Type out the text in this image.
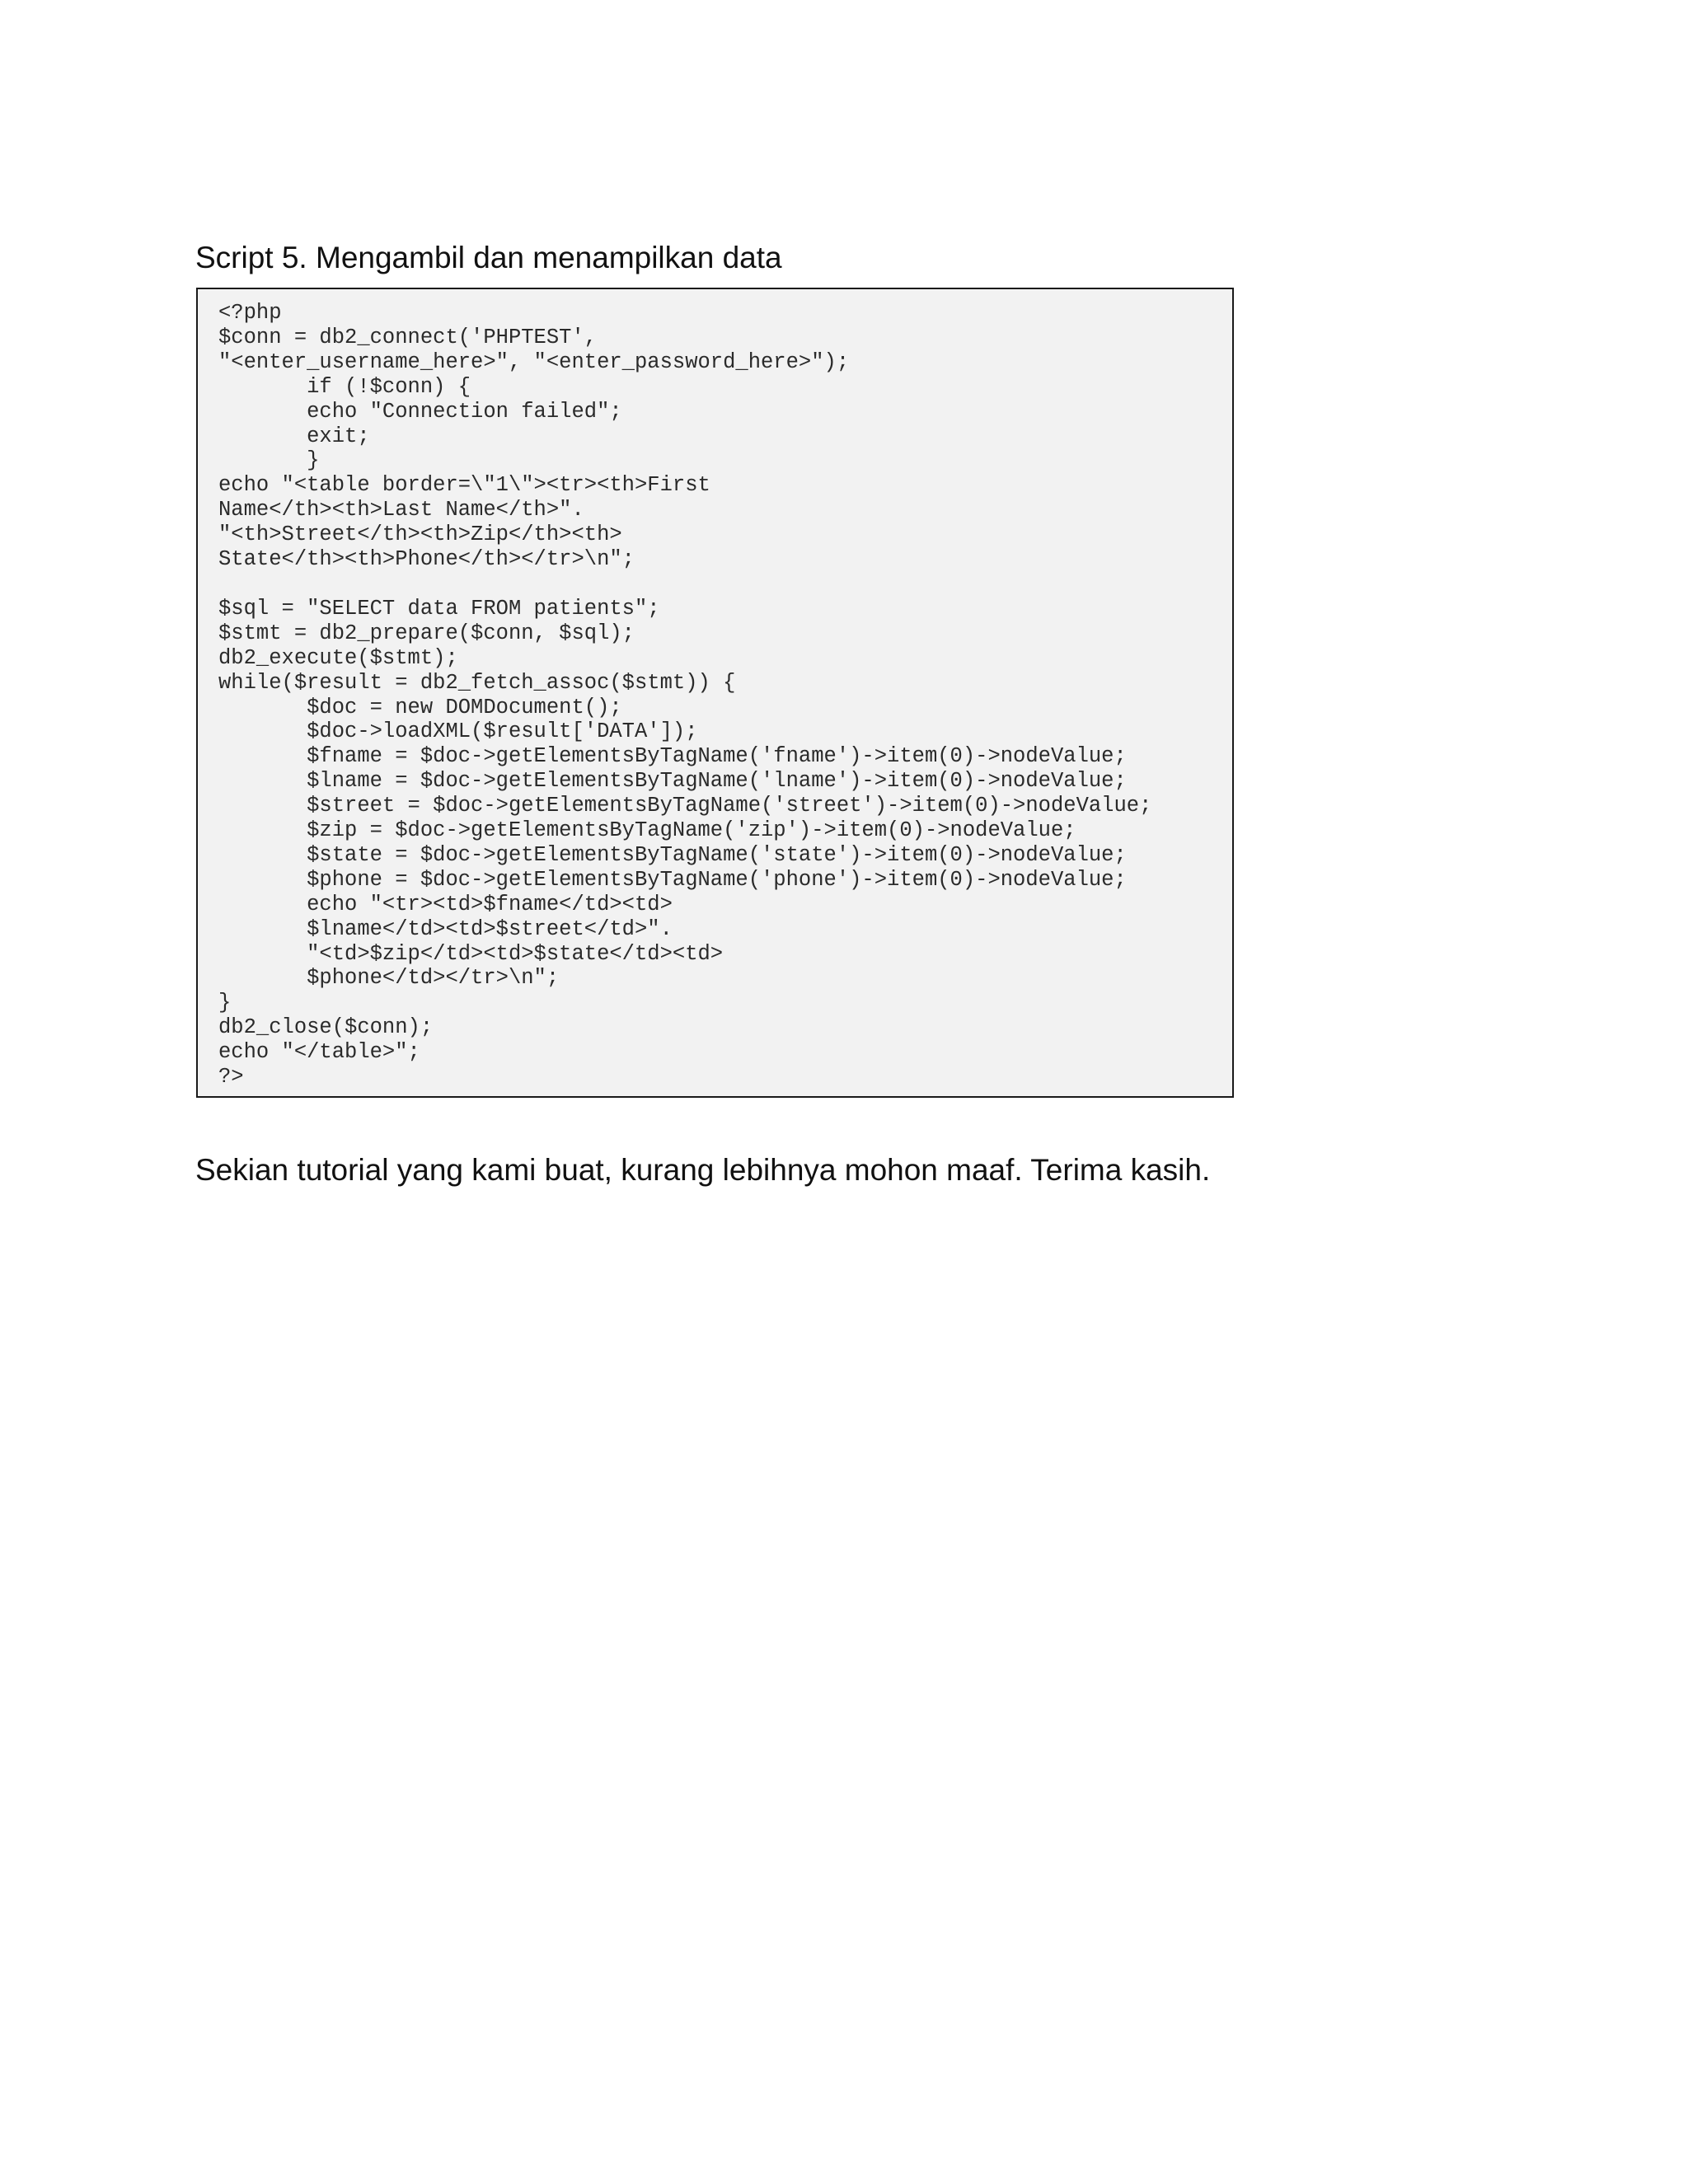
Script 5. Mengambil dan menampilkan data
<?php
$conn = db2_connect('PHPTEST',
"<enter_username_here>", "<enter_password_here>");
if (!$conn) {
echo "Connection failed";
exit;
}
echo "<table border=\"1\"><tr><th>First
Name</th><th>Last Name</th>".
"<th>Street</th><th>Zip</th><th>
State</th><th>Phone</th></tr>\n";

$sql = "SELECT data FROM patients";
$stmt = db2_prepare($conn, $sql);
db2_execute($stmt);
while($result = db2_fetch_assoc($stmt)) {
$doc = new DOMDocument();
$doc->loadXML($result['DATA']);
$fname = $doc->getElementsByTagName('fname')->item(0)->nodeValue;
$lname = $doc->getElementsByTagName('lname')->item(0)->nodeValue;
$street = $doc->getElementsByTagName('street')->item(0)->nodeValue;
$zip = $doc->getElementsByTagName('zip')->item(0)->nodeValue;
$state = $doc->getElementsByTagName('state')->item(0)->nodeValue;
$phone = $doc->getElementsByTagName('phone')->item(0)->nodeValue;
echo "<tr><td>$fname</td><td>
$lname</td><td>$street</td>".
"<td>$zip</td><td>$state</td><td>
$phone</td></tr>\n";
}
db2_close($conn);
echo "</table>";
?>
Sekian tutorial yang kami buat, kurang lebihnya mohon maaf. Terima kasih.
